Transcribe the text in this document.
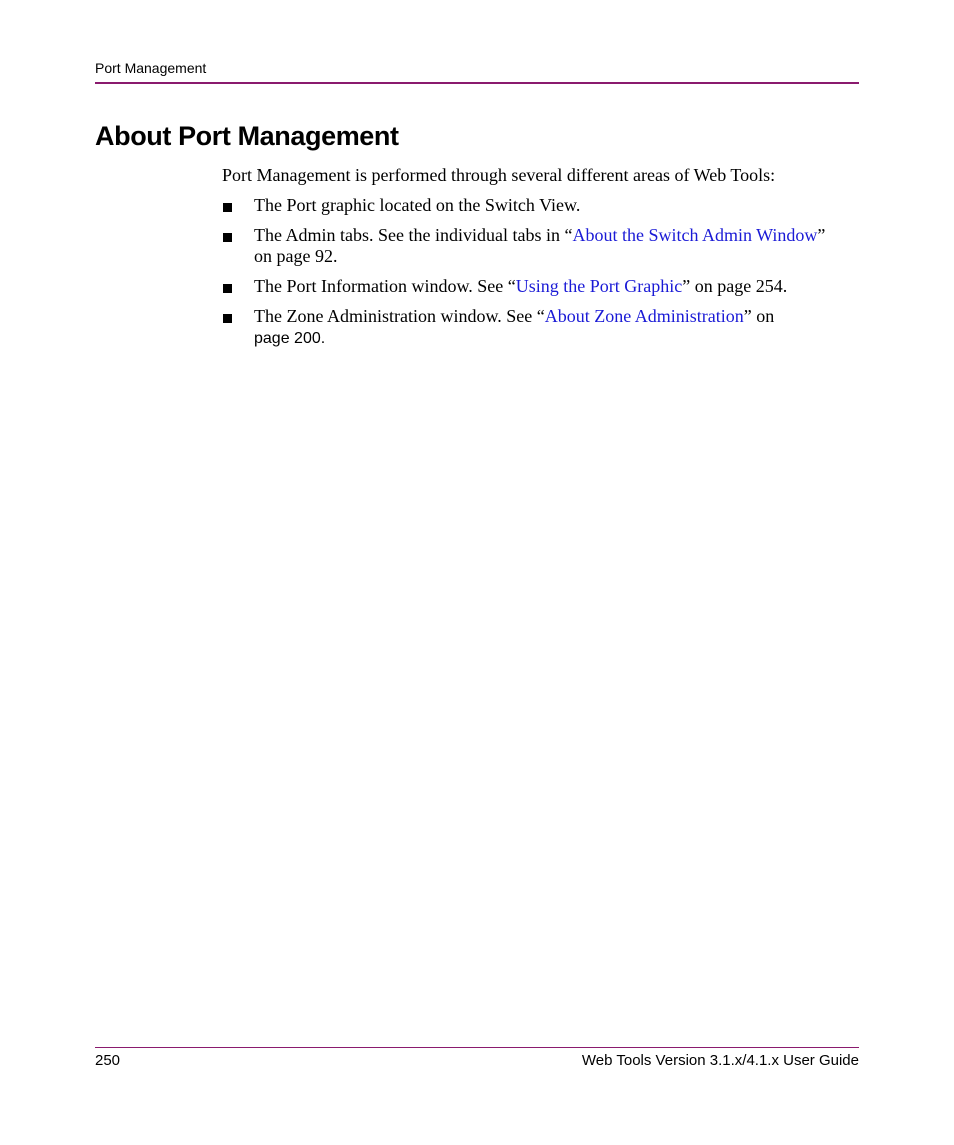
Port Management
About Port Management

Port Management is performed through several different areas of Web Tools:

The Port graphic located on the Switch View.
The Admin tabs. See the individual tabs in “About the Switch Admin Window” on page 92.
The Port Information window. See “Using the Port Graphic” on page 254.
The Zone Administration window. See “About Zone Administration” on
page 200.
250	Web Tools Version 3.1.x/4.1.x User Guide
